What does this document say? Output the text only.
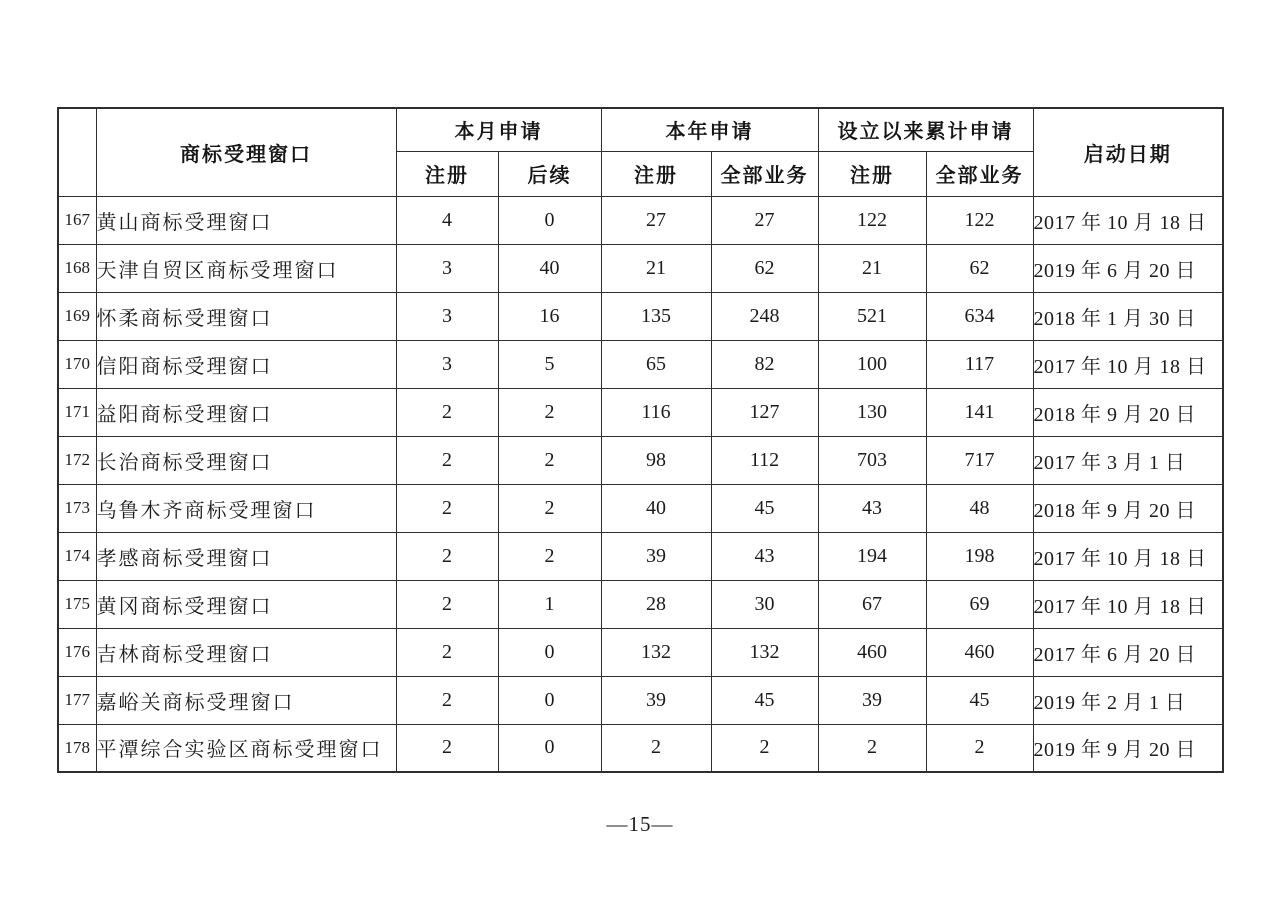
	商标受理窗口	本月申请		本年申请		设立以来累计申请		启动日期
		注册	后续	注册	全部业务	注册	全部业务	
167	黄山商标受理窗口	4	0	27	27	122	122	2017 年 10 月 18 日
168	天津自贸区商标受理窗口	3	40	21	62	21	62	2019 年 6 月 20 日
169	怀柔商标受理窗口	3	16	135	248	521	634	2018 年 1 月 30 日
170	信阳商标受理窗口	3	5	65	82	100	117	2017 年 10 月 18 日
171	益阳商标受理窗口	2	2	116	127	130	141	2018 年 9 月 20 日
172	长治商标受理窗口	2	2	98	112	703	717	2017 年 3 月 1 日
173	乌鲁木齐商标受理窗口	2	2	40	45	43	48	2018 年 9 月 20 日
174	孝感商标受理窗口	2	2	39	43	194	198	2017 年 10 月 18 日
175	黄冈商标受理窗口	2	1	28	30	67	69	2017 年 10 月 18 日
176	吉林商标受理窗口	2	0	132	132	460	460	2017 年 6 月 20 日
177	嘉峪关商标受理窗口	2	0	39	45	39	45	2019 年 2 月 1 日
178	平潭综合实验区商标受理窗口	2	0	2	2	2	2	2019 年 9 月 20 日
—15—
